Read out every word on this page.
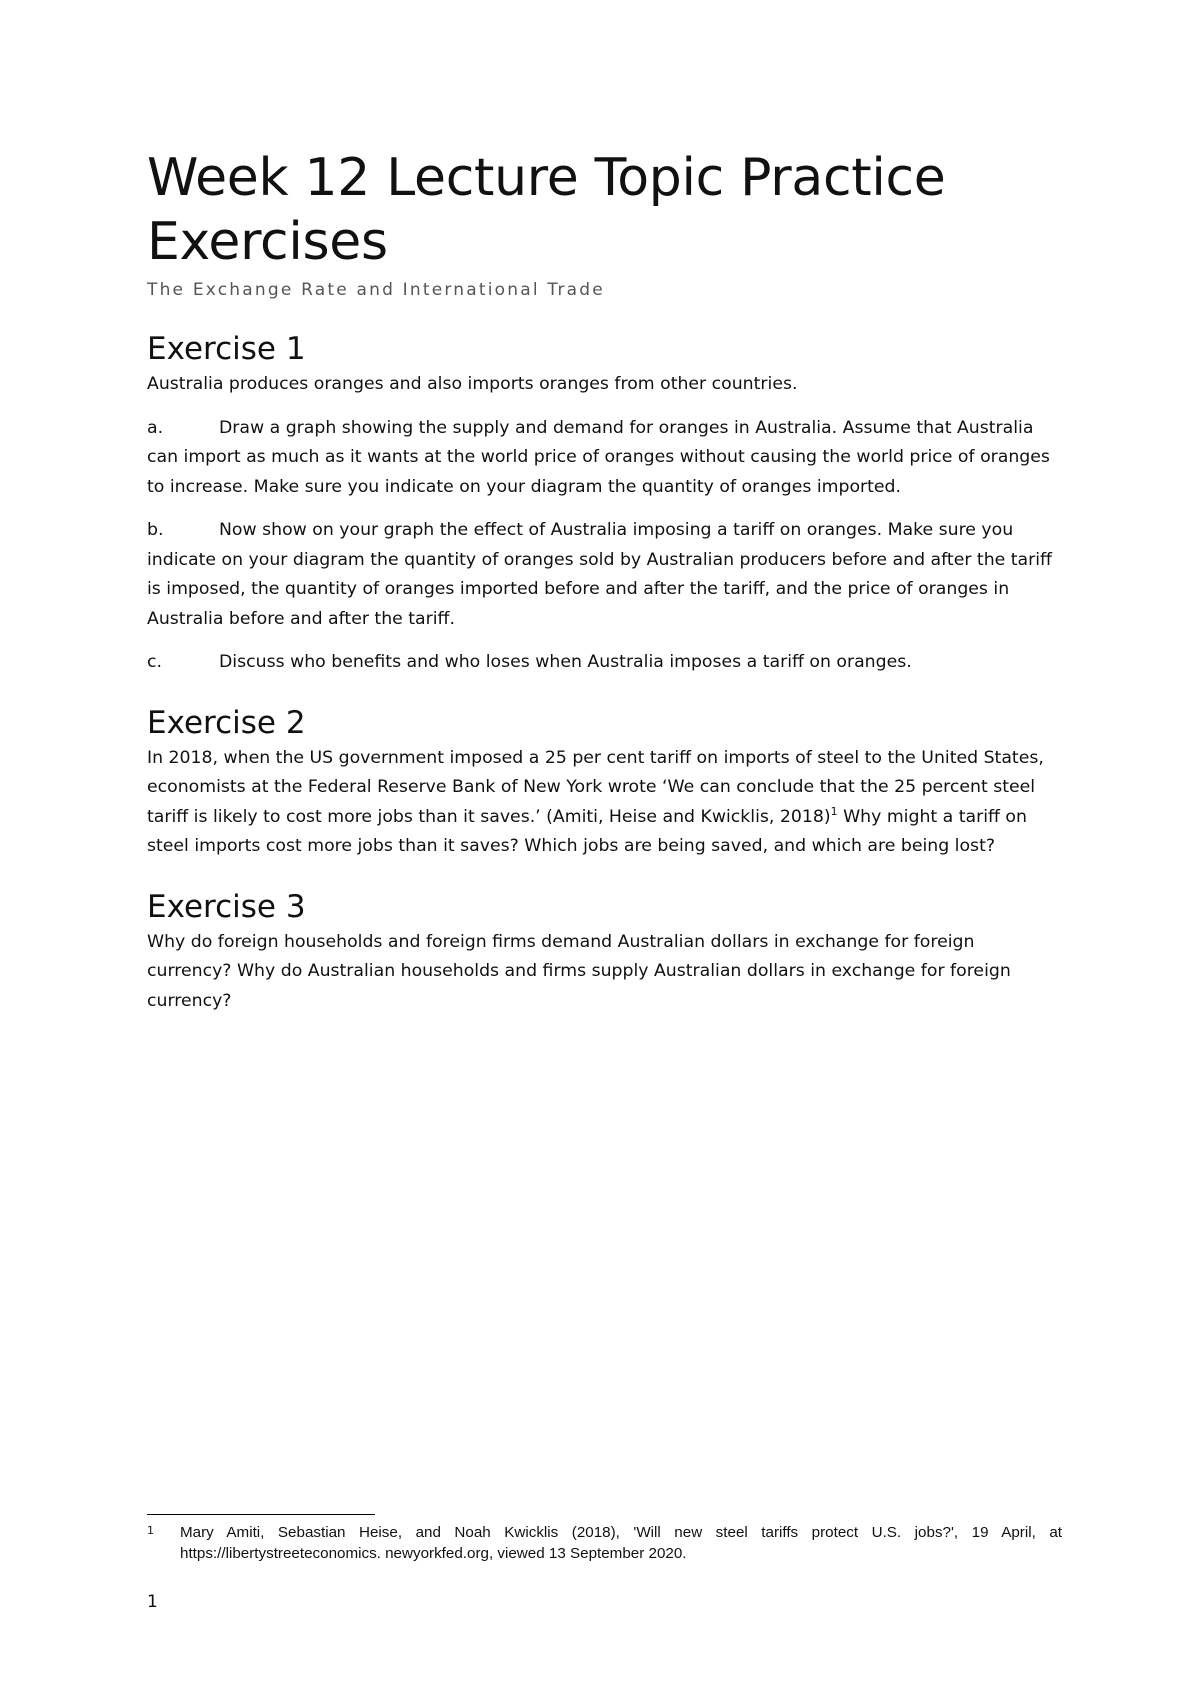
Week 12 Lecture Topic Practice Exercises
The Exchange Rate and International Trade
Exercise 1

Australia produces oranges and also imports oranges from other countries.

a.	Draw a graph showing the supply and demand for oranges in Australia. Assume that Australia can import as much as it wants at the world price of oranges without causing the world price of oranges to increase. Make sure you indicate on your diagram the quantity of oranges imported.

b.	Now show on your graph the effect of Australia imposing a tariff on oranges. Make sure you indicate on your diagram the quantity of oranges sold by Australian producers before and after the tariff is imposed, the quantity of oranges imported before and after the tariff, and the price of oranges in Australia before and after the tariff.

c.	Discuss who benefits and who loses when Australia imposes a tariff on oranges.

Exercise 2

In 2018, when the US government imposed a 25 per cent tariff on imports of steel to the United States, economists at the Federal Reserve Bank of New York wrote ‘We can conclude that the 25 percent steel tariff is likely to cost more jobs than it saves.’ (Amiti, Heise and Kwicklis, 2018)$^1$ Why might a tariff on steel imports cost more jobs than it saves? Which jobs are being saved, and which are being lost?

Exercise 3

Why do foreign households and foreign firms demand Australian dollars in exchange for foreign currency? Why do Australian households and firms supply Australian dollars in exchange for foreign currency?

1	Mary Amiti, Sebastian Heise, and Noah Kwicklis (2018), 'Will new steel tariffs protect U.S. jobs?', 19 April, at https://libertystreeteconomics. newyorkfed.org, viewed 13 September 2020.
1
